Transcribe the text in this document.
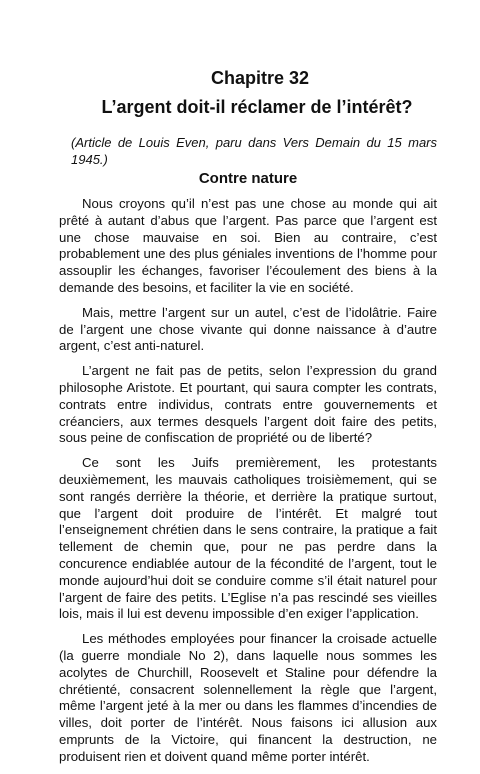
Chapitre 32
L’argent doit-il réclamer de l’intérêt?

(Article de Louis Even, paru dans Vers Demain du 15 mars 1945.)

Contre nature

Nous croyons qu’il n’est pas une chose au monde qui ait prêté à autant d’abus que l’argent. Pas parce que l’argent est une chose mauvaise en soi. Bien au contraire, c’est probablement une des plus géniales inventions de l’homme pour assouplir les échanges, favoriser l’écoulement des biens à la demande des besoins, et faciliter la vie en société.

Mais, mettre l’argent sur un autel, c’est de l’idolâtrie. Faire de l’argent une chose vivante qui donne naissance à d’autre argent, c’est anti-naturel.

L’argent ne fait pas de petits, selon l’expression du grand philosophe Aristote. Et pourtant, qui saura compter les contrats, contrats entre individus, contrats entre gouvernements et créanciers, aux termes desquels l’argent doit faire des petits, sous peine de confiscation de propriété ou de liberté?

Ce sont les Juifs premièrement, les protestants deuxièmement, les mauvais catholiques troisièmement, qui se sont rangés derrière la théorie, et derrière la pratique surtout, que l’argent doit produire de l’intérêt. Et malgré tout l’enseignement chrétien dans le sens contraire, la pratique a fait tellement de chemin que, pour ne pas perdre dans la concurence endiablée autour de la fécondité de l’argent, tout le monde aujourd’hui doit se conduire comme s’il était naturel pour l’argent de faire des petits. L’Eglise n’a pas rescindé ses vieilles lois, mais il lui est devenu impossible d’en exiger l’application.

Les méthodes employées pour financer la croisade actuelle (la guerre mondiale No 2), dans laquelle nous sommes les acolytes de Churchill, Roosevelt et Staline pour défendre la chrétienté, consacrent solennellement la règle que l’argent, même l’argent jeté à la mer ou dans les flammes d’incendies de villes, doit porter de l’intérêt. Nous faisons ici allusion aux emprunts de la Victoire, qui financent la destruction, ne produisent rien et doivent quand même porter intérêt.
